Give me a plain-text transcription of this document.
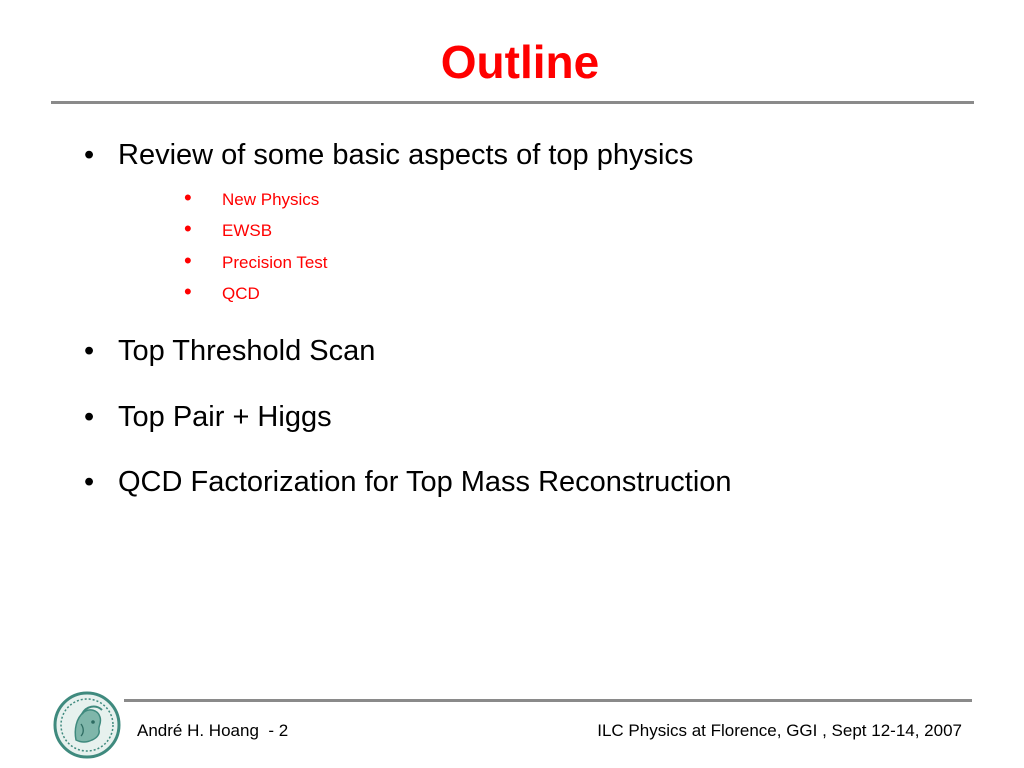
Outline
• Review of some basic aspects of top physics
• New Physics
• EWSB
• Precision Test
• QCD
• Top Threshold Scan
• Top Pair + Higgs
• QCD Factorization for Top Mass Reconstruction
André H. Hoang  - 2	ILC Physics at Florence, GGI , Sept 12-14, 2007
